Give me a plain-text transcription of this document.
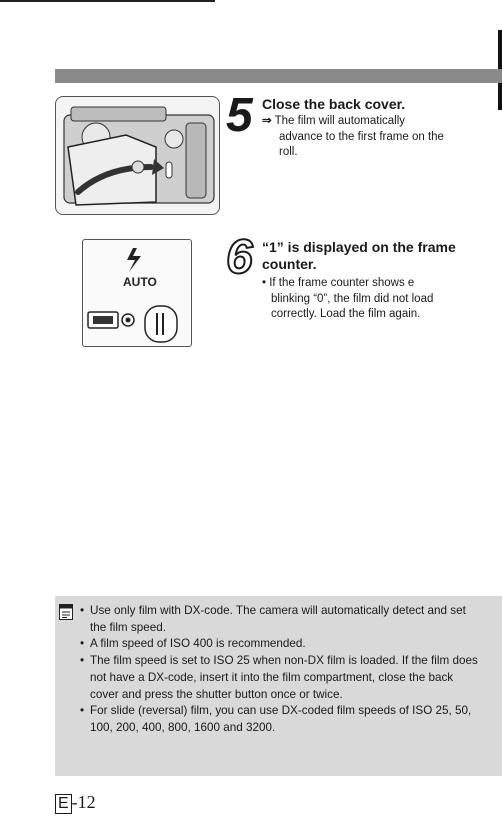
5 Close the back cover.
⇒ The film will automatically
advance to the first frame on the roll.
AUTO 6 “1” is displayed on the frame counter.
• If the frame counter shows e blinking “0”, the film did not load correctly. Load the film again.
• Use only film with DX-code. The camera will automatically detect and set the film speed.
• A film speed of ISO 400 is recommended.
• The film speed is set to ISO 25 when non-DX film is loaded. If the film does not have a DX-code, insert it into the film compartment, close the back cover and press the shutter button once or twice.
• For slide (reversal) film, you can use DX-coded film speeds of ISO 25, 50, 100, 200, 400, 800, 1600 and 3200.
E -12
